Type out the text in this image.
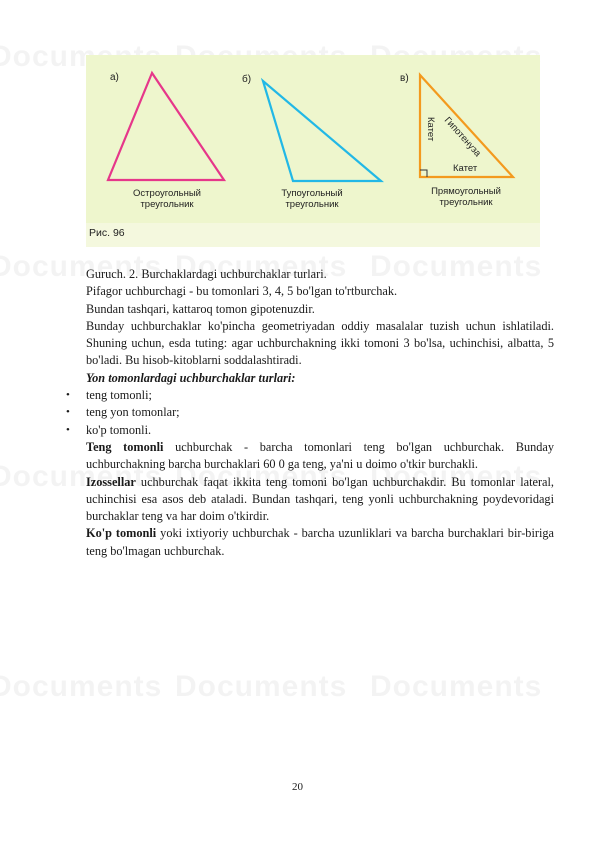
а)	б)	в)
Гипотенуза
Катет
Катет
Остроугольный
треугольник
Тупоугольный
треугольник
Прямоугольный
треугольник
Рис. 96

Guruch. 2. Burchaklardagi uchburchaklar turlari.

Pifagor uchburchagi - bu tomonlari 3, 4, 5 bo'lgan to'rtburchak.

Bundan tashqari, kattaroq tomon gipotenuzdir.

Bunday uchburchaklar ko'pincha geometriyadan oddiy masalalar tuzish uchun ishlatiladi. Shuning uchun, esda tuting: agar uchburchakning ikki tomoni 3 bo'lsa, uchinchisi, albatta, 5 bo'ladi. Bu hisob-kitoblarni soddalashtiradi.

Yon tomonlardagi uchburchaklar turlari:

• teng tomonli;
• teng yon tomonlar;
• ko'p tomonli.

Teng tomonli uchburchak - barcha tomonlari teng bo'lgan uchburchak. Bunday uchburchakning barcha burchaklari 60 0 ga teng, ya'ni u doimo o'tkir burchakli.

Izossellar uchburchak faqat ikkita teng tomoni bo'lgan uchburchakdir. Bu tomonlar lateral, uchinchisi esa asos deb ataladi. Bundan tashqari, teng yonli uchburchakning poydevoridagi burchaklar teng va har doim o'tkirdir.

Ko'p tomonli yoki ixtiyoriy uchburchak - barcha uzunliklari va barcha burchaklari bir-biriga teng bo'lmagan uchburchak.

20
